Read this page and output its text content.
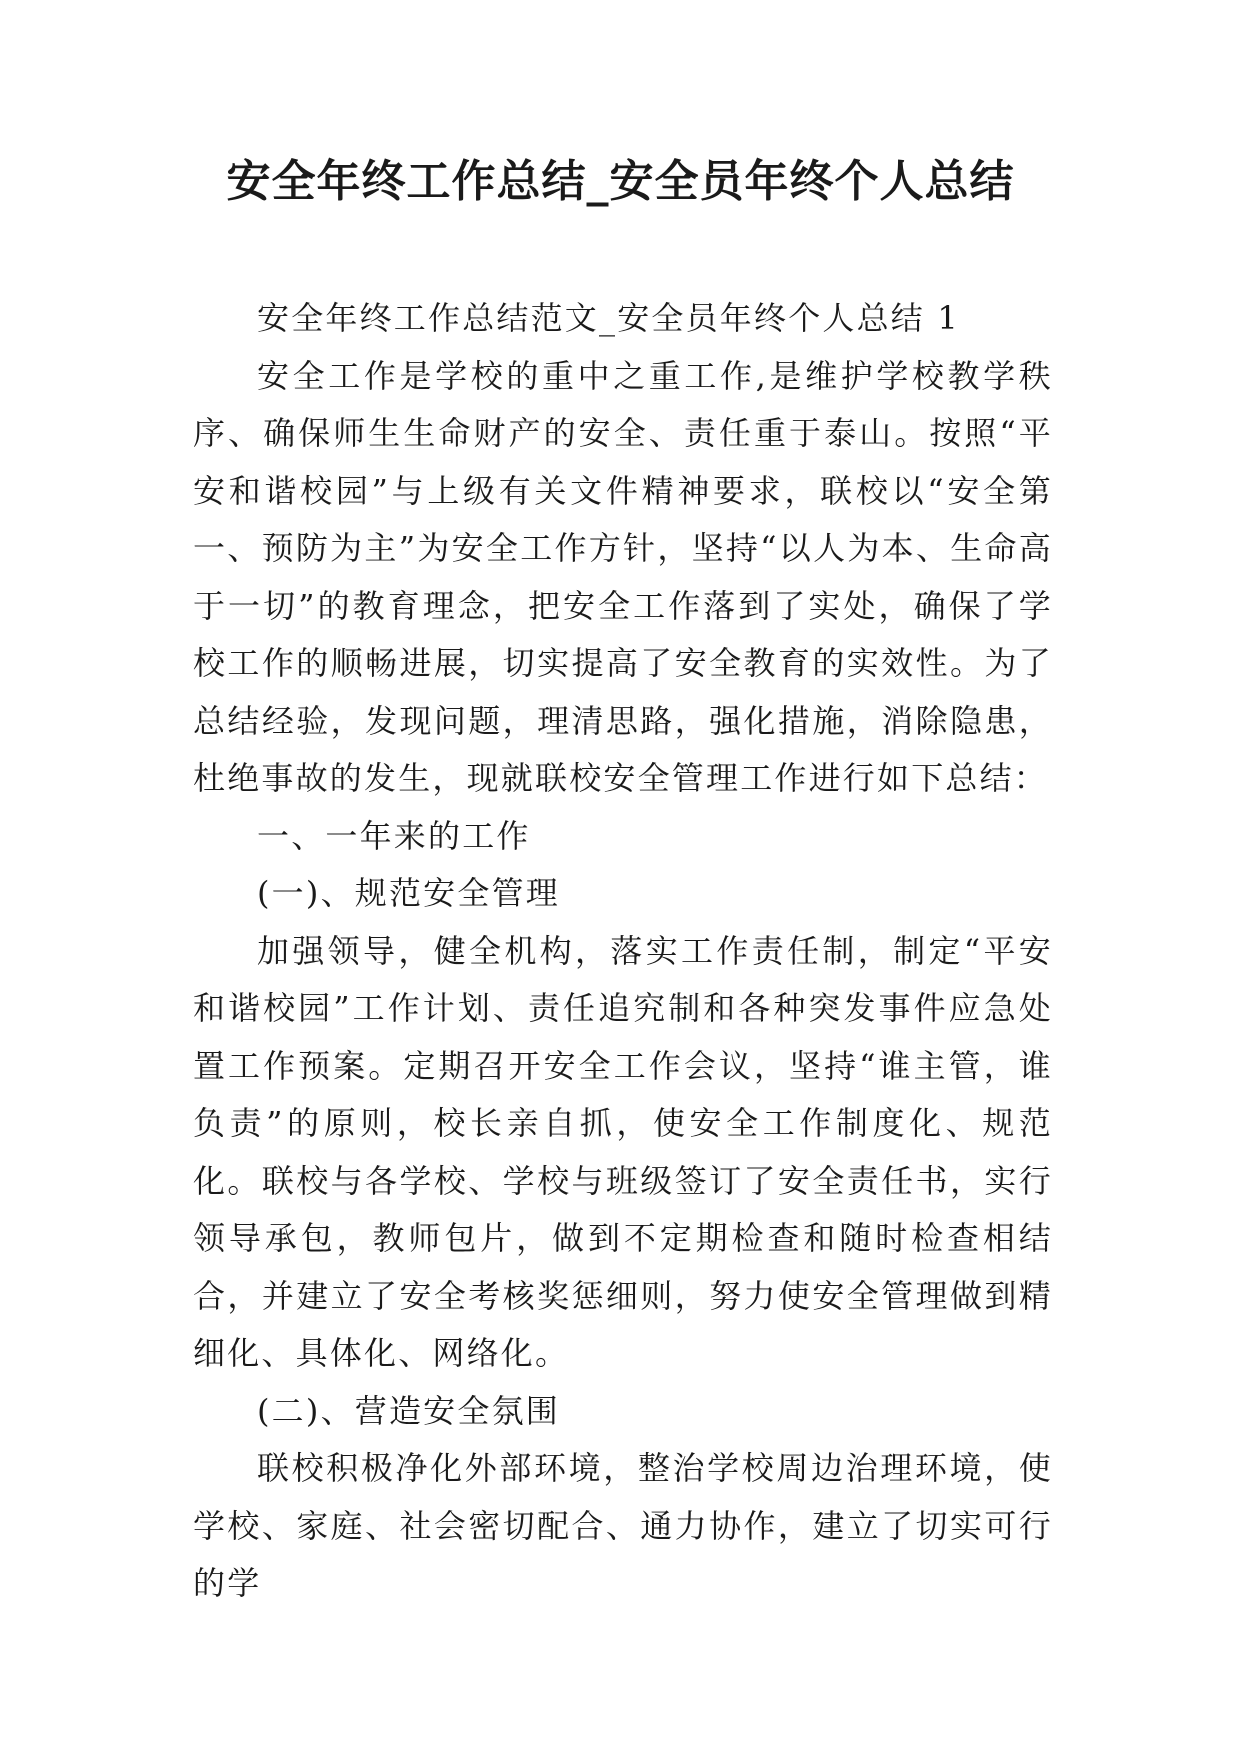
安全年终工作总结_安全员年终个人总结

安全年终工作总结范文_安全员年终个人总结 1

安全工作是学校的重中之重工作,是维护学校教学秩序、确保师生生命财产的安全、责任重于泰山。按照“平安和谐校园”与上级有关文件精神要求，联校以“安全第一、预防为主”为安全工作方针，坚持“以人为本、生命高于一切”的教育理念，把安全工作落到了实处，确保了学校工作的顺畅进展，切实提高了安全教育的实效性。为了总结经验，发现问题，理清思路，强化措施，消除隐患，杜绝事故的发生，现就联校安全管理工作进行如下总结：

一、一年来的工作

(一)、规范安全管理

加强领导，健全机构，落实工作责任制，制定“平安和谐校园”工作计划、责任追究制和各种突发事件应急处置工作预案。定期召开安全工作会议，坚持“谁主管，谁负责”的原则，校长亲自抓，使安全工作制度化、规范化。联校与各学校、学校与班级签订了安全责任书，实行领导承包，教师包片，做到不定期检查和随时检查相结合，并建立了安全考核奖惩细则，努力使安全管理做到精细化、具体化、网络化。

(二)、营造安全氛围

联校积极净化外部环境，整治学校周边治理环境，使学校、家庭、社会密切配合、通力协作，建立了切实可行的学
